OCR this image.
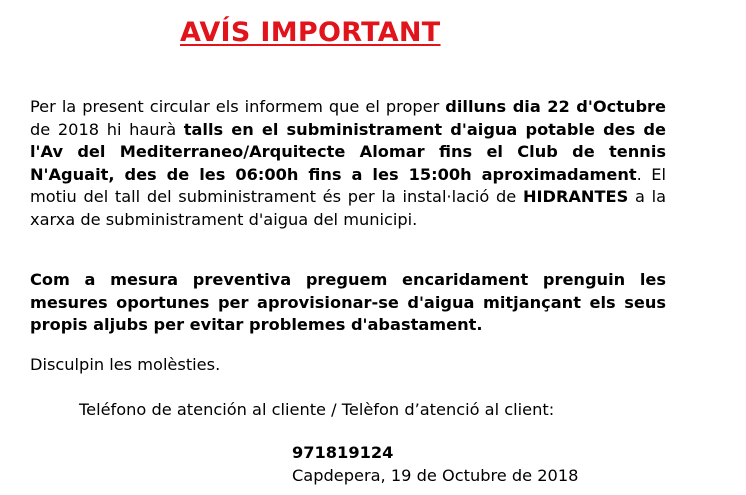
AVÍS IMPORTANT

Per la present circular els informem que el proper dilluns dia 22 d'Octubre de 2018 hi haurà talls en el subministrament d'aigua potable des de l'Av del Mediterraneo/Arquitecte Alomar fins el Club de tennis N'Aguait, des de les 06:00h fins a les 15:00h aproximadament. El motiu del tall del subministrament és per la instal·lació de HIDRANTES a la xarxa de subministrament d'aigua del municipi.

Com a mesura preventiva preguem encaridament prenguin les mesures oportunes per aprovisionar-se d'aigua mitjançant els seus propis aljubs per evitar problemes d'abastament.

Disculpin les molèsties.

Teléfono de atención al cliente / Telèfon d’atenció al client:

971819124

Capdepera, 19 de Octubre de 2018
